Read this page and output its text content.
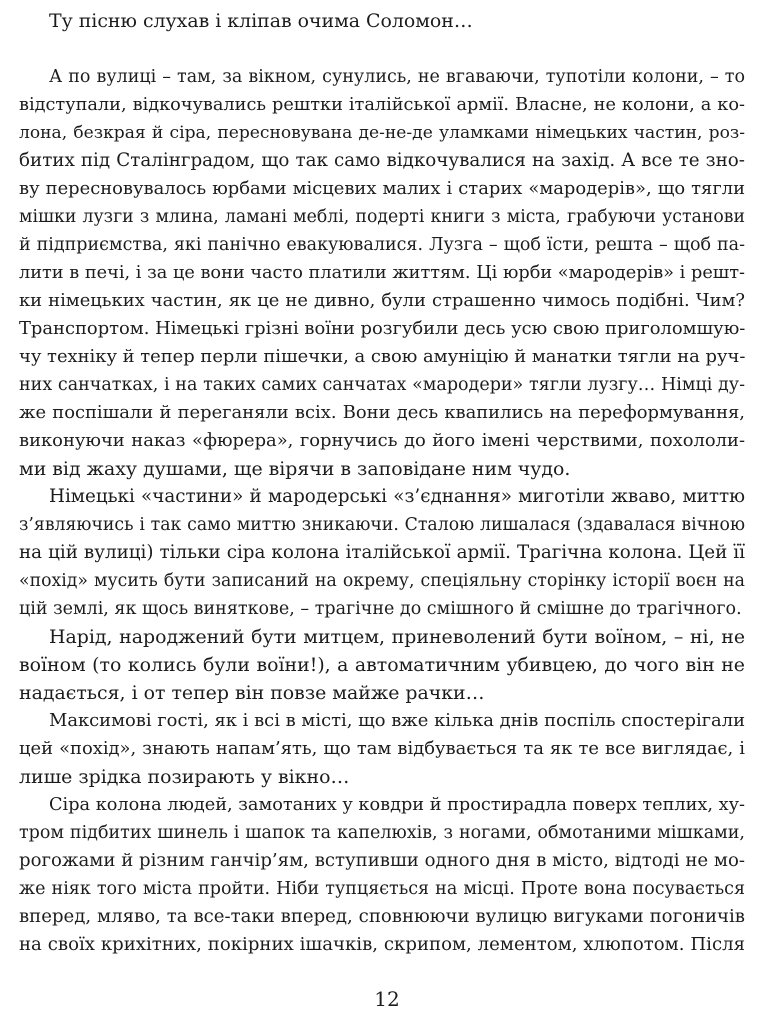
Ту пісню слухав і кліпав очима Соломон…
А по вулиці – там, за вікном, сунулись, не вгаваючи, тупотіли колони, – то
відступали, відкочувались рештки італійської армії. Власне, не колони, а ко-
лона, безкрая й сіра, пересновувана де-не-де уламками німецьких частин, роз-
битих під Сталінградом, що так само відкочувалися на захід. А все те зно-
ву пересновувалось юрбами місцевих малих і старих «мародерів», що тягли
мішки лузги з млина, ламані меблі, подерті книги з міста, грабуючи установи
й підприємства, які панічно евакуювалися. Лузга – щоб їсти, решта – щоб па-
лити в печі, і за це вони часто платили життям. Ці юрби «мародерів» і решт-
ки німецьких частин, як це не дивно, були страшенно чимось подібні. Чим?
Транспортом. Німецькі грізні воїни розгубили десь усю свою приголомшую-
чу техніку й тепер перли пішечки, а свою амуніцію й манатки тягли на руч-
них санчатках, і на таких самих санчатах «мародери» тягли лузгу… Німці ду-
же поспішали й переганяли всіх. Вони десь квапились на переформування,
виконуючи наказ «фюрера», горнучись до його імені черствими, похололи-
ми від жаху душами, ще вірячи в заповідане ним чудо.
Німецькі «частини» й мародерські «з’єднання» миготіли жваво, миттю
з’являючись і так само миттю зникаючи. Сталою лишалася (здавалася вічною
на цій вулиці) тільки сіра колона італійської армії. Трагічна колона. Цей її
«похід» мусить бути записаний на окрему, спеціяльну сторінку історії воєн на
цій землі, як щось виняткове, – трагічне до смішного й смішне до трагічного.
Нарід, народжений бути митцем, приневолений бути воїном, – ні, не
воїном (то колись були воїни!), а автоматичним убивцею, до чого він не
надається, і от тепер він повзе майже рачки…
Максимові гості, як і всі в місті, що вже кілька днів поспіль спостерігали
цей «похід», знають напам’ять, що там відбувається та як те все виглядає, і
лише зрідка позирають у вікно…
Сіра колона людей, замотаних у ковдри й простирадла поверх теплих, ху-
тром підбитих шинель і шапок та капелюхів, з ногами, обмотаними мішками,
рогожами й різним ганчір’ям, вступивши одного дня в місто, відтоді не мо-
же ніяк того міста пройти. Ніби тупцяється на місці. Проте вона посувається
вперед, мляво, та все-таки вперед, сповнюючи вулицю вигуками погоничів
на своїх крихітних, покірних ішачків, скрипом, лементом, хлюпотом. Після
12
